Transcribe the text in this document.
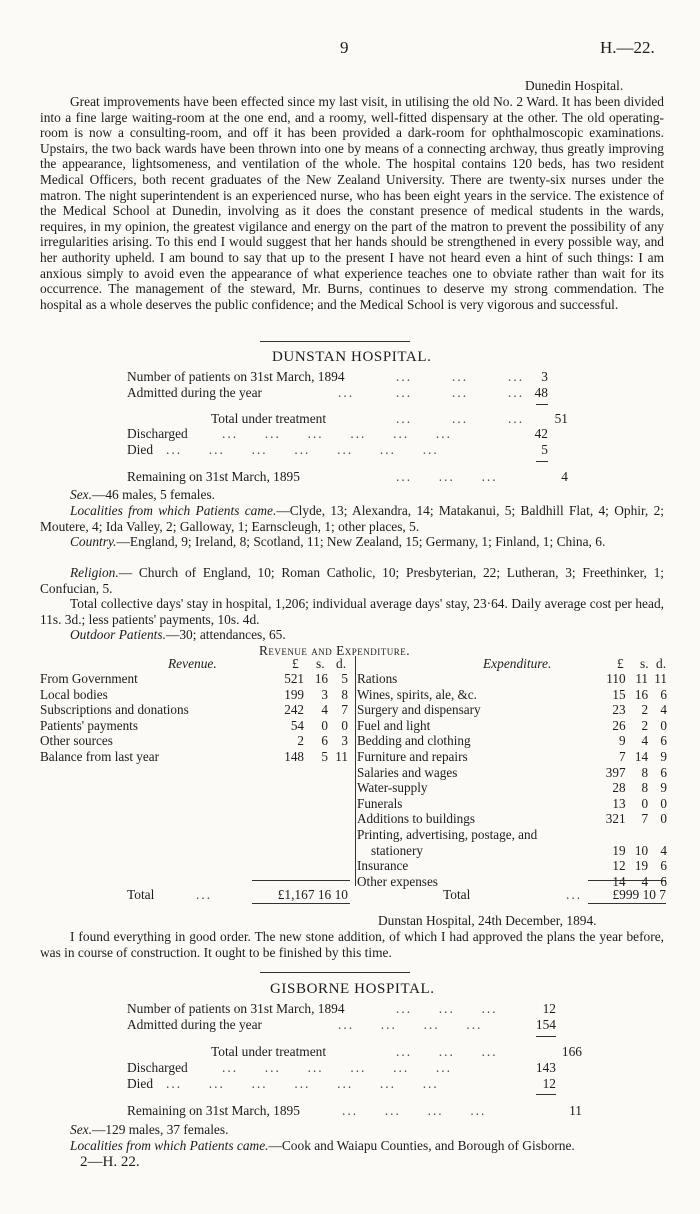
9	H.—22.
Dunedin Hospital.
Great improvements have been effected since my last visit, in utilising the old No. 2 Ward. It has been divided into a fine large waiting-room at the one end, and a roomy, well-fitted dispensary at the other. The old operating-room is now a consulting-room, and off it has been provided a dark-room for ophthalmoscopic examinations. Upstairs, the two back wards have been thrown into one by means of a connecting archway, thus greatly improving the appearance, lightsomeness, and ventilation of the whole. The hospital contains 120 beds, has two resident Medical Officers, both recent graduates of the New Zealand University. There are twenty-six nurses under the matron. The night superintendent is an experienced nurse, who has been eight years in the service. The existence of the Medical School at Dunedin, involving as it does the constant presence of medical students in the wards, requires, in my opinion, the greatest vigilance and energy on the part of the matron to prevent the possibility of any irregularities arising. To this end I would suggest that her hands should be strengthened in every possible way, and her authority upheld. I am bound to say that up to the present I have not heard even a hint of such things: I am anxious simply to avoid even the appearance of what experience teaches one to obviate rather than wait for its occurrence. The management of the steward, Mr. Burns, continues to deserve my strong commendation. The hospital as a whole deserves the public confidence; and the Medical School is very vigorous and successful.
DUNSTAN HOSPITAL.
Number of patients on 31st March, 1894	...	...	...	3
Admitted during the year	...	...	...	... 48
Total under treatment	...	...	...	51
Discharged	...     ...     ...     ...     ...     ...	42
Died ...     ...     ...     ...     ...     ...     ...	5
Remaining on 31st March, 1895	...     ...     ...	4
Sex.—46 males, 5 females.
Localities from which Patients came.—Clyde, 13; Alexandra, 14; Matakanui, 5; Baldhill Flat, 4; Ophir, 2; Moutere, 4; Ida Valley, 2; Galloway, 1; Earnscleugh, 1; other places, 5.
Country.—England, 9; Ireland, 8; Scotland, 11; New Zealand, 15; Germany, 1; Finland, 1; China, 6.
Religion.— Church of England, 10; Roman Catholic, 10; Presbyterian, 22; Lutheran, 3; Freethinker, 1; Confucian, 5.
Total collective days' stay in hospital, 1,206; individual average days' stay, 23·64. Daily average cost per head, 11s. 3d.; less patients' payments, 10s. 4d.
Outdoor Patients.—30; attendances, 65.
Revenue and Expenditure.
Revenue.	Expenditure.
£ s. d.	£ s. d.
From Government	521	16	5
Local bodies	199	3	8
Subscriptions and donations	242	4	7
Patients' payments	54	0	0
Other sources	2	6	3
Balance from last year	148	5	11
Rations	110	11	11
Wines, spirits, ale, &c.	15	16	6
Surgery and dispensary	23	2	4
Fuel and light	26	2	0
Bedding and clothing	9	4	6
Furniture and repairs	7	14	9
Salaries and wages	397	8	6
Water-supply	28	8	9
Funerals	13	0	0
Additions to buildings	321	7	0
Printing, advertising, postage, and			
stationery	19	10	4
Insurance	12	19	6
Other expenses	14	4	6
Total	...	£1,167 16 10	Total	...	£999 10 7
Dunstan Hospital, 24th December, 1894.
I found everything in good order. The new stone addition, of which I had approved the plans the year before, was in course of construction. It ought to be finished by this time.
GISBORNE HOSPITAL.
Number of patients on 31st March, 1894	...     ...     ...	12
Admitted during the year	...     ...     ...     ...	154
Total under treatment	...     ...     ...	166
Discharged	...     ...     ...     ...     ...     ...	143
Died ...     ...     ...     ...     ...     ...     ...	12
Remaining on 31st March, 1895	...     ...     ...     ...	11
Sex.—129 males, 37 females.
Localities from which Patients came.—Cook and Waiapu Counties, and Borough of Gisborne.
2—H. 22.
